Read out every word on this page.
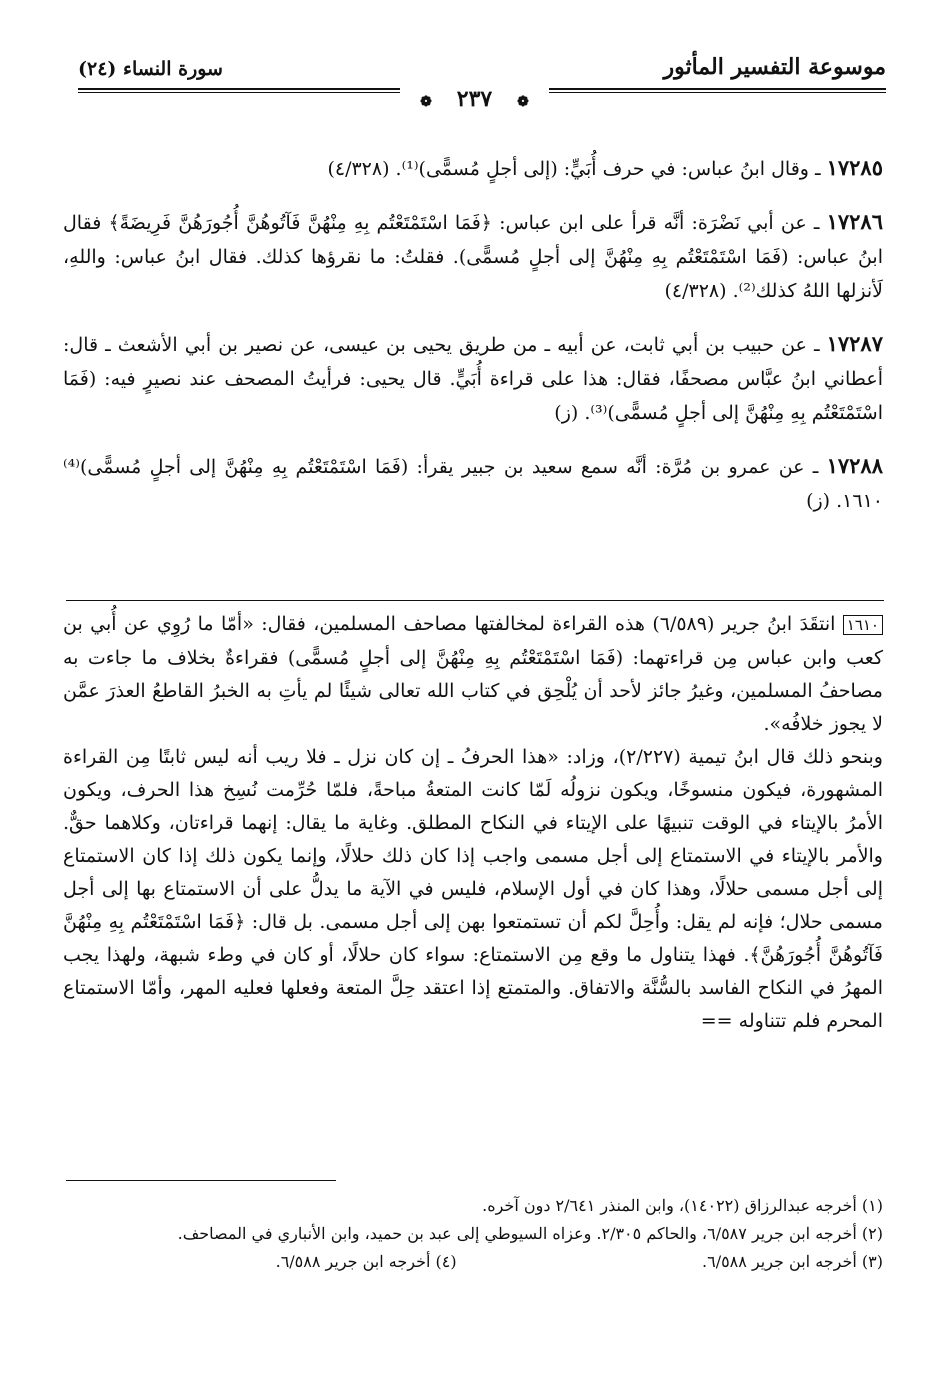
موسوعة التفسير المأثور
سورة النساء (٢٤)
❁ ٢٣٧ ❁

١٧٢٨٥ ـ وقال ابنُ عباس: في حرف أُبَيٍّ: (إلى أجلٍ مُسمًّى)⁽¹⁾. (٤/٣٢٨)

١٧٢٨٦ ـ عن أبي نَضْرَة: أنَّه قرأ على ابن عباس: ﴿فَمَا اسْتَمْتَعْتُم بِهِ مِنْهُنَّ فَآتُوهُنَّ أُجُورَهُنَّ فَرِيضَةً﴾ فقال ابنُ عباس: (فَمَا اسْتَمْتَعْتُم بِهِ مِنْهُنَّ إلى أجلٍ مُسمًّى). فقلتُ: ما نقرؤها كذلك. فقال ابنُ عباس: واللهِ، لَأنزلها اللهُ كذلك⁽²⁾. (٤/٣٢٨)

١٧٢٨٧ ـ عن حبيب بن أبي ثابت، عن أبيه ـ من طريق يحيى بن عيسى، عن نصير بن أبي الأشعث ـ قال: أعطاني ابنُ عبَّاس مصحفًا، فقال: هذا على قراءة أُبَيٍّ. قال يحيى: فرأيتُ المصحف عند نصيرٍ فيه: (فَمَا اسْتَمْتَعْتُم بِهِ مِنْهُنَّ إلى أجلٍ مُسمًّى)⁽³⁾. (ز)

١٧٢٨٨ ـ عن عمرو بن مُرَّة: أنَّه سمع سعيد بن جبير يقرأ: (فَمَا اسْتَمْتَعْتُم بِهِ مِنْهُنَّ إلى أجلٍ مُسمًّى)⁽⁴⁾ ١٦١٠. (ز)

١٦١٠ انتقَدَ ابنُ جرير (٦/٥٨٩) هذه القراءة لمخالفتها مصاحف المسلمين، فقال: «أمّا ما رُوِي عن أُبي بن كعب وابن عباس مِن قراءتهما: (فَمَا اسْتَمْتَعْتُم بِهِ مِنْهُنَّ إلى أجلٍ مُسمًّى) فقراءةٌ بخلاف ما جاءت به مصاحفُ المسلمين، وغيرُ جائز لأحد أن يُلْحِق في كتاب الله تعالى شيئًا لم يأتِ به الخبرُ القاطعُ العذرَ عمَّن لا يجوز خلافُه».

وبنحو ذلك قال ابنُ تيمية (٢/٢٢٧)، وزاد: «هذا الحرفُ ـ إن كان نزل ـ فلا ريب أنه ليس ثابتًا مِن القراءة المشهورة، فيكون منسوخًا، ويكون نزولُه لَمّا كانت المتعةُ مباحةً، فلمّا حُرِّمت نُسِخ هذا الحرف، ويكون الأمرُ بالإيتاء في الوقت تنبيهًا على الإيتاء في النكاح المطلق. وغاية ما يقال: إنهما قراءتان، وكلاهما حقٌّ. والأمر بالإيتاء في الاستمتاع إلى أجل مسمى واجب إذا كان ذلك حلالًا، وإنما يكون ذلك إذا كان الاستمتاع إلى أجل مسمى حلالًا، وهذا كان في أول الإسلام، فليس في الآية ما يدلُّ على أن الاستمتاع بها إلى أجل مسمى حلال؛ فإنه لم يقل: وأُحِلَّ لكم أن تستمتعوا بهن إلى أجل مسمى. بل قال: ﴿فَمَا اسْتَمْتَعْتُم بِهِ مِنْهُنَّ فَآتُوهُنَّ أُجُورَهُنَّ﴾. فهذا يتناول ما وقع مِن الاستمتاع: سواء كان حلالًا، أو كان في وطء شبهة، ولهذا يجب المهرُ في النكاح الفاسد بالسُّنَّة والاتفاق. والمتمتع إذا اعتقد حِلَّ المتعة وفعلها فعليه المهر، وأمّا الاستمتاع المحرم فلم تتناوله ==

(١) أخرجه عبدالرزاق (١٤٠٢٢)، وابن المنذر ٢/٦٤١ دون آخره.

(٢) أخرجه ابن جرير ٦/٥٨٧، والحاكم ٢/٣٠٥. وعزاه السيوطي إلى عبد بن حميد، وابن الأنباري في المصاحف.

(٣) أخرجه ابن جرير ٦/٥٨٨.

(٤) أخرجه ابن جرير ٦/٥٨٨.
